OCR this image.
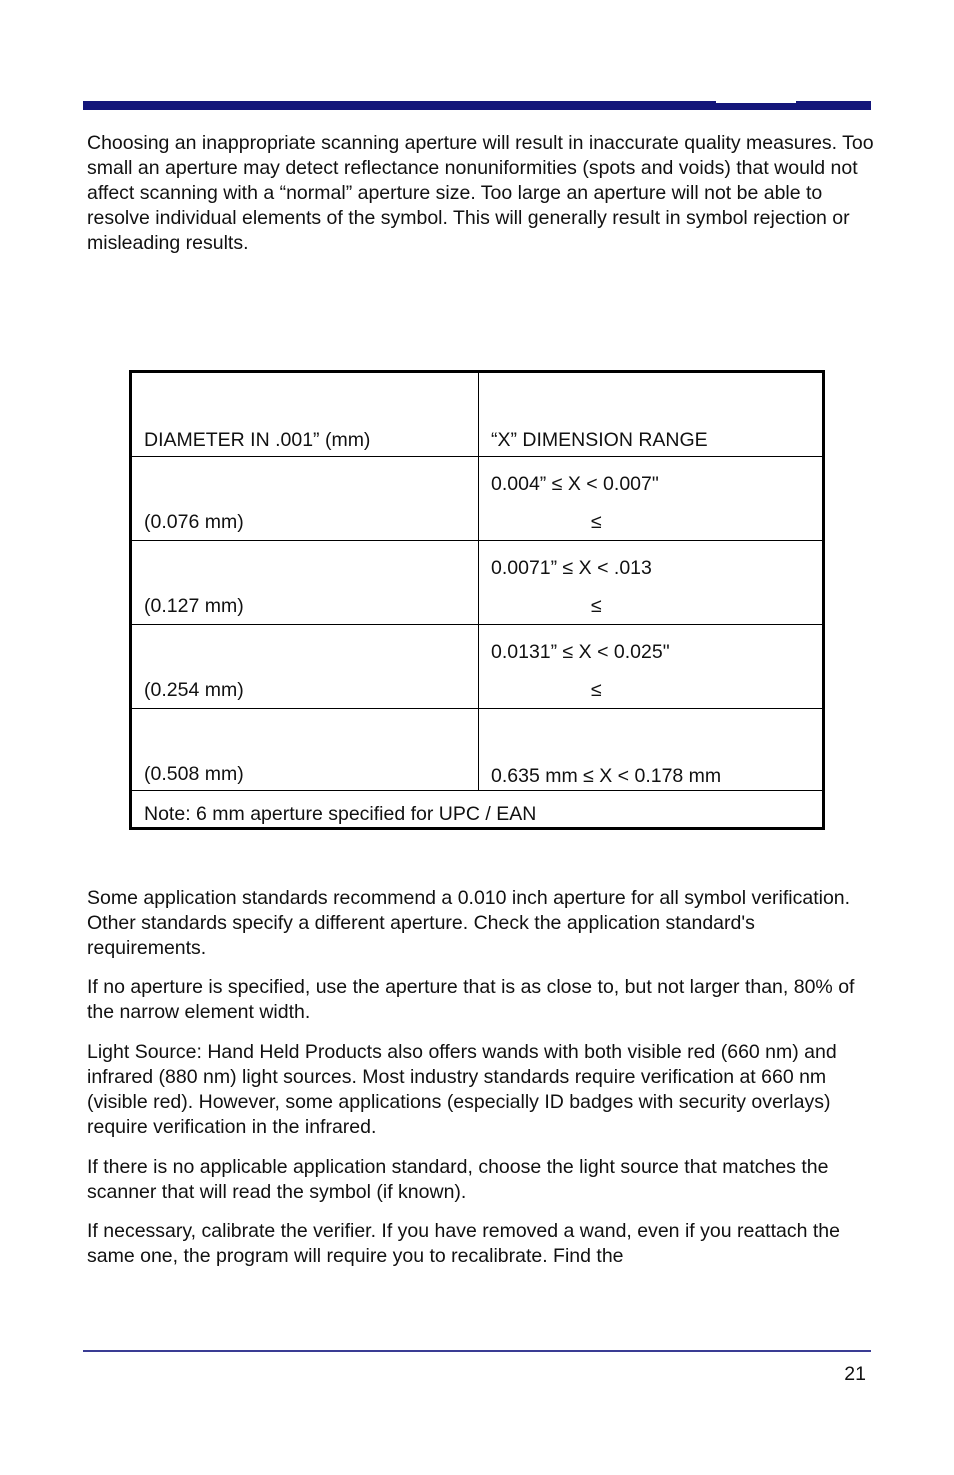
Choosing an inappropriate scanning aperture will result in inaccurate quality measures. Too small an aperture may detect reflectance nonuniformities (spots and voids) that would not affect scanning with a “normal” aperture size. Too large an aperture will not be able to resolve individual elements of the symbol. This will generally result in symbol rejection or misleading results.

DIAMETER IN .001” (mm)	“X” DIMENSION RANGE
(0.076 mm)
0.004” ≤ X < 0.007"
≤
(0.127 mm)
0.0071” ≤ X < .013
≤
(0.254 mm)
0.0131” ≤ X < 0.025"
≤
(0.508 mm)	0.635 mm ≤ X < 0.178 mm
Note: 6 mm aperture specified for UPC / EAN

Some application standards recommend a 0.010 inch aperture for all symbol verification. Other standards specify a different aperture. Check the application standard's requirements.

If no aperture is specified, use the aperture that is as close to, but not larger than, 80% of the narrow element width.

Light Source: Hand Held Products also offers wands with both visible red (660 nm) and infrared (880 nm) light sources. Most industry standards require verification at 660 nm (visible red). However, some applications (especially ID badges with security overlays) require verification in the infrared.

If there is no applicable application standard, choose the light source that matches the scanner that will read the symbol (if known).

If necessary, calibrate the verifier. If you have removed a wand, even if you reattach the same one, the program will require you to recalibrate. Find the

21
